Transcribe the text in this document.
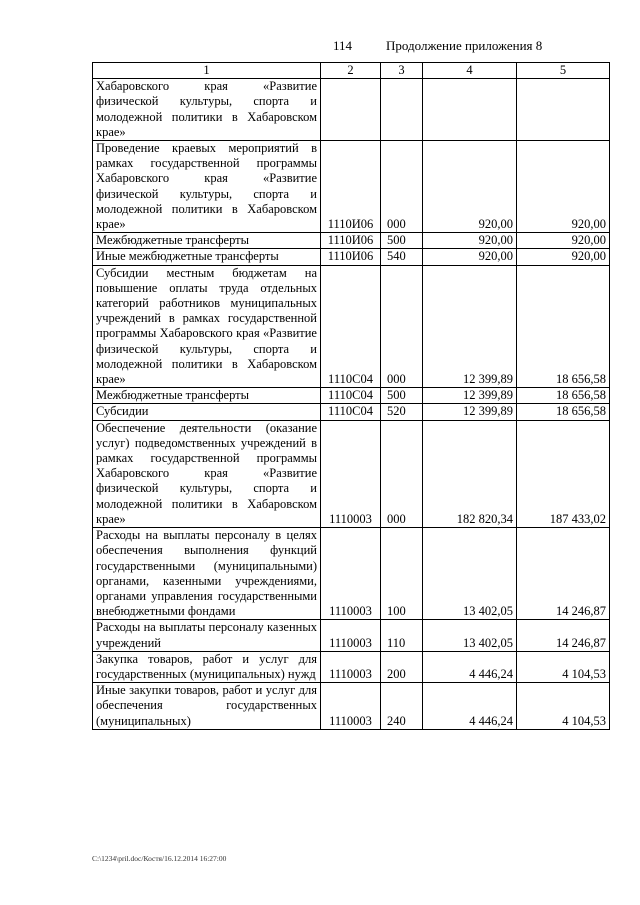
114	Продолжение приложения 8
1	2	3	4	5
Хабаровского края «Развитие физической культуры, спорта и молодежной политики в Хабаровском крае»				
Проведение краевых мероприятий в рамках государственной программы Хабаровского края «Развитие физической культуры, спорта и молодежной политики в Хабаровском крае»	1110И06	000	920,00	920,00
Межбюджетные трансферты	1110И06	500	920,00	920,00
Иные межбюджетные трансферты	1110И06	540	920,00	920,00
Субсидии местным бюджетам на повышение оплаты труда отдельных категорий работников муниципальных учреждений в рамках государственной программы Хабаровского края «Развитие физической культуры, спорта и молодежной политики в Хабаровском крае»	1110С04	000	12 399,89	18 656,58
Межбюджетные трансферты	1110С04	500	12 399,89	18 656,58
Субсидии	1110С04	520	12 399,89	18 656,58
Обеспечение деятельности (оказание услуг) подведомственных учреждений в рамках государственной программы Хабаровского края «Развитие физической культуры, спорта и молодежной политики в Хабаровском крае»	1110003	000	182 820,34	187 433,02
Расходы на выплаты персоналу в целях обеспечения выполнения функций государственными (муниципальными) органами, казенными учреждениями, органами управления государственными внебюджетными фондами	1110003	100	13 402,05	14 246,87
Расходы на выплаты персоналу казенных учреждений	1110003	110	13 402,05	14 246,87
Закупка товаров, работ и услуг для государственных (муниципальных) нужд	1110003	200	4 446,24	4 104,53
Иные закупки товаров, работ и услуг для обеспечения государственных (муниципальных)	1110003	240	4 446,24	4 104,53
C:\1234\pril.doc/Костя/16.12.2014 16:27:00
